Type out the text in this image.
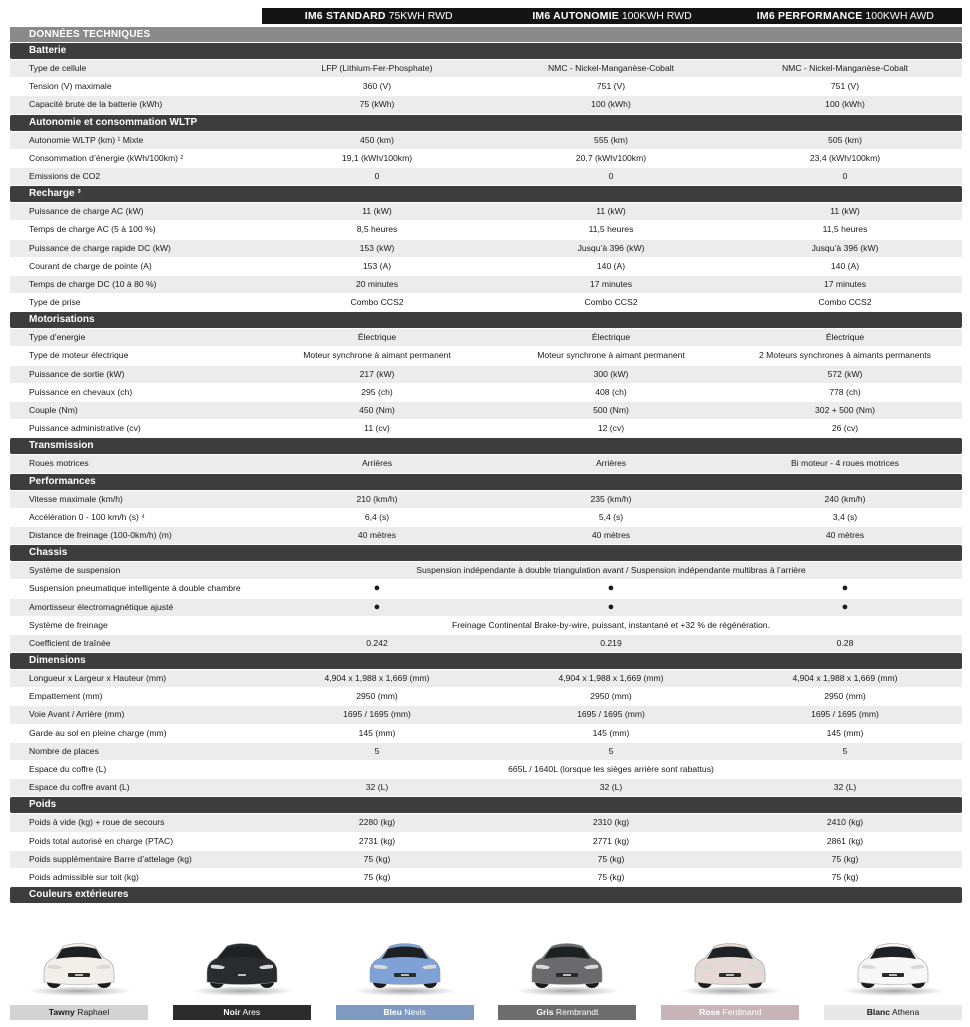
IM6 STANDARD 75KWH RWD	IM6 AUTONOMIE 100KWH RWD	IM6 PERFORMANCE 100KWH AWD
DONNÉES TECHNIQUES
Batterie
Type de cellule	LFP (Lithium-Fer-Phosphate)	NMC - Nickel-Manganèse-Cobalt	NMC - Nickel-Manganèse-Cobalt
Tension (V) maximale	360 (V)	751 (V)	751 (V)
Capacité brute de la batterie (kWh)	75 (kWh)	100 (kWh)	100 (kWh)
Autonomie et consommation WLTP
Autonomie WLTP (km) ¹ Mixte	450 (km)	555 (km)	505 (km)
Consommation d’énergie (kWh/100km) ²	19,1 (kWh/100km)	20,7 (kWh/100km)	23,4 (kWh/100km)
Emissions de CO2	0	0	0
Recharge ³
Puissance de charge AC (kW)	11 (kW)	11 (kW)	11 (kW)
Temps de charge AC (5 à 100 %)	8,5 heures	11,5 heures	11,5 heures
Puissance de charge rapide DC (kW)	153 (kW)	Jusqu’à 396 (kW)	Jusqu’à 396 (kW)
Courant de charge de pointe (A)	153 (A)	140 (A)	140 (A)
Temps de charge DC (10 à 80 %)	20 minutes	17 minutes	17 minutes
Type de prise	Combo CCS2	Combo CCS2	Combo CCS2
Motorisations
Type d’energie	Électrique	Électrique	Électrique
Type de moteur électrique	Moteur synchrone à aimant permanent	Moteur synchrone à aimant permanent	2 Moteurs synchrones à aimants permanents
Puissance de sortie (kW)	217 (kW)	300 (kW)	572 (kW)
Puissance en chevaux (ch)	295 (ch)	408 (ch)	778 (ch)
Couple (Nm)	450 (Nm)	500 (Nm)	302 + 500 (Nm)
Puissance administrative (cv)	11 (cv)	12 (cv)	26 (cv)
Transmission
Roues motrices	Arrières	Arrières	Bi moteur - 4 roues motrices
Performances
Vitesse maximale (km/h)	210 (km/h)	235 (km/h)	240 (km/h)
Accélération 0 - 100 km/h (s) ⁴	6,4 (s)	5,4 (s)	3,4 (s)
Distance de freinage (100-0km/h) (m)	40 mètres	40 mètres	40 mètres
Chassis
Système de suspension	Suspension indépendante à double triangulation avant / Suspension indépendante multibras à l’arrière
Suspension pneumatique intelligente à double chambre	●	●	●
Amortisseur électromagnétique ajusté	●	●	●
Système de freinage	Freinage Continental Brake-by-wire, puissant, instantané et +32 % de régénération.
Coefficient de traînée	0.242	0.219	0.28
Dimensions
Longueur x Largeur x Hauteur (mm)	4,904 x 1,988 x 1,669 (mm)	4,904 x 1,988 x 1,669 (mm)	4,904 x 1,988 x 1,669 (mm)
Empattement (mm)	2950 (mm)	2950 (mm)	2950 (mm)
Voie Avant / Arrière (mm)	1695 / 1695 (mm)	1695 / 1695 (mm)	1695 / 1695 (mm)
Garde au sol en pleine charge (mm)	145 (mm)	145 (mm)	145 (mm)
Nombre de places	5	5	5
Espace du coffre (L)	665L / 1640L (lorsque les sièges arrière sont rabattus)
Espace du coffre avant (L)	32 (L)	32 (L)	32 (L)
Poids
Poids à vide (kg) + roue de secours	2280 (kg)	2310 (kg)	2410 (kg)
Poids total autorisé en charge (PTAC)	2731 (kg)	2771 (kg)	2861 (kg)
Poids supplémentaire Barre d’attelage (kg)	75 (kg)	75 (kg)	75 (kg)
Poids admissible sur toit (kg)	75 (kg)	75 (kg)	75 (kg)
Couleurs extérieures
Tawny Raphael	Noir Ares	Bleu Nevis	Gris Rembrandt	Rose Ferdinand	Blanc Athena
